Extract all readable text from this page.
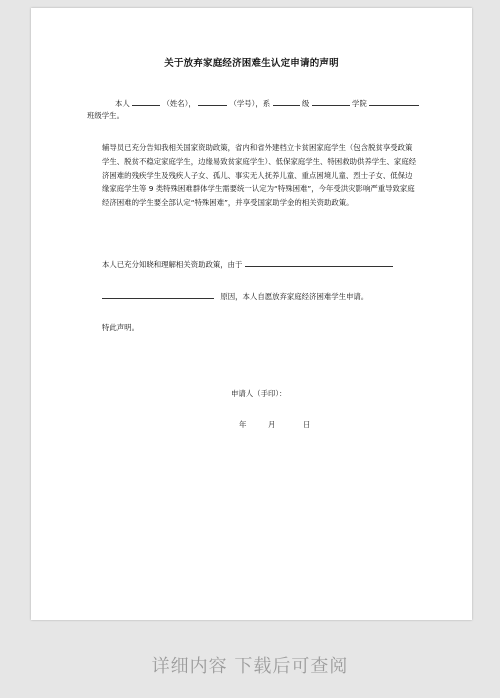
关于放弃家庭经济困难生认定申请的声明
本人	（姓名），	（学号），系	级	学院
班级学生。
辅导员已充分告知我相关国家资助政策，省内和省外建档立卡贫困家庭学生（包含脱贫享受政策学生、脱贫不稳定家庭学生，边缘易致贫家庭学生）、低保家庭学生、特困救助供养学生、家庭经济困难的残疾学生及残疾人子女、孤儿、事实无人抚养儿童、重点困境儿童、烈士子女、低保边缘家庭学生等 9 类特殊困难群体学生需要统一认定为“特殊困难”，今年受洪灾影响严重导致家庭经济困难的学生要全部认定“特殊困难”，并享受国家助学金的相关资助政策。
本人已充分知晓和理解相关资助政策，由于
原因，本人自愿放弃家庭经济困难学生申请。
特此声明。
申请人（手印）：
年	月	日
详细内容 下载后可查阅
